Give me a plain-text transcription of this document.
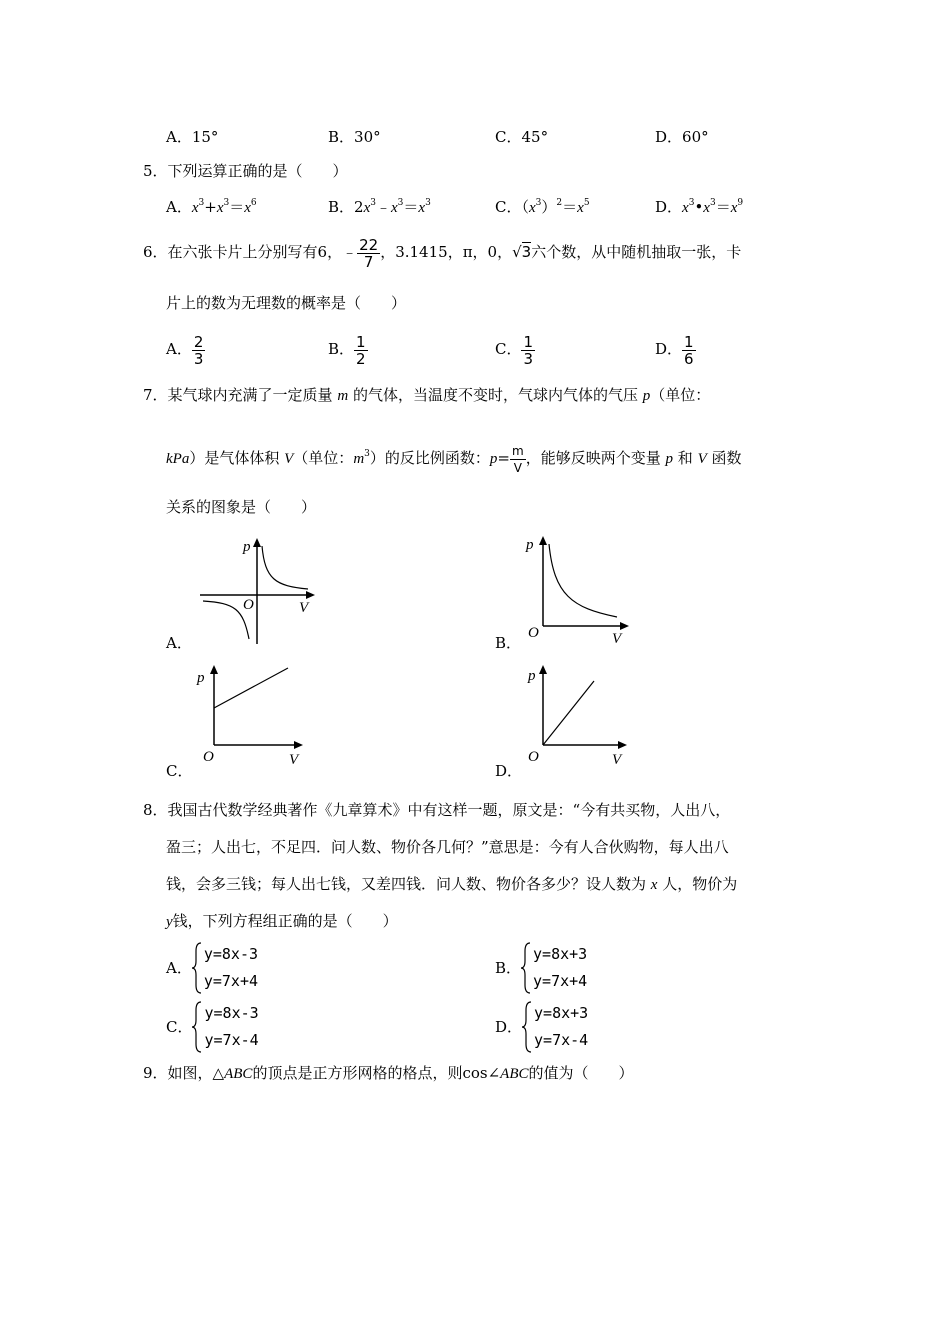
A．15°	B．30°	C．45°	D．60°
5．下列运算正确的是（　　）
A．$x^3+x^3=x^6$	B．$2x^3﹣x^3=x^3$	C．$(x^3)^2=x^5$	D．$x^3•x^3=x^9$
6．在六张卡片上分别写有6，﹣ $\frac{22}{7}$ ，3.1415，π，0，√3六个数，从中随机抽取一张，卡
片上的数为无理数的概率是（　　）
A． $\frac{2}{3}$	B． $\frac{1}{2}$	C． $\frac{1}{3}$	D． $\frac{1}{6}$
7．某气球内充满了一定质量 m 的气体，当温度不变时，气球内气体的气压 p（单位：
kPa）是气体体积 V（单位：$m^3$）的反比例函数：$p= \frac{m}{V}$ ，能够反映两个变量 p 和 V 函数
关系的图象是（　　）
p
O	V
A．
p
O	V
B．
p
O	V
C．
p
O	V
D．
8．我国古代数学经典著作《九章算术》中有这样一题，原文是：“今有共买物，人出八，
盈三；人出七，不足四．问人数、物价各几何？”意思是：今有人合伙购物，每人出八
钱，会多三钱；每人出七钱，又差四钱．问人数、物价各多少？设人数为 x 人，物价为
y钱，下列方程组正确的是（　　）
A．
y=8x-3
y=7x+4
B．
y=8x+3
y=7x+4
C．
y=8x-3
y=7x-4
D．
y=8x+3
y=7x-4
9．如图，△ABC的顶点是正方形网格的格点，则cos∠ABC的值为（　　）
